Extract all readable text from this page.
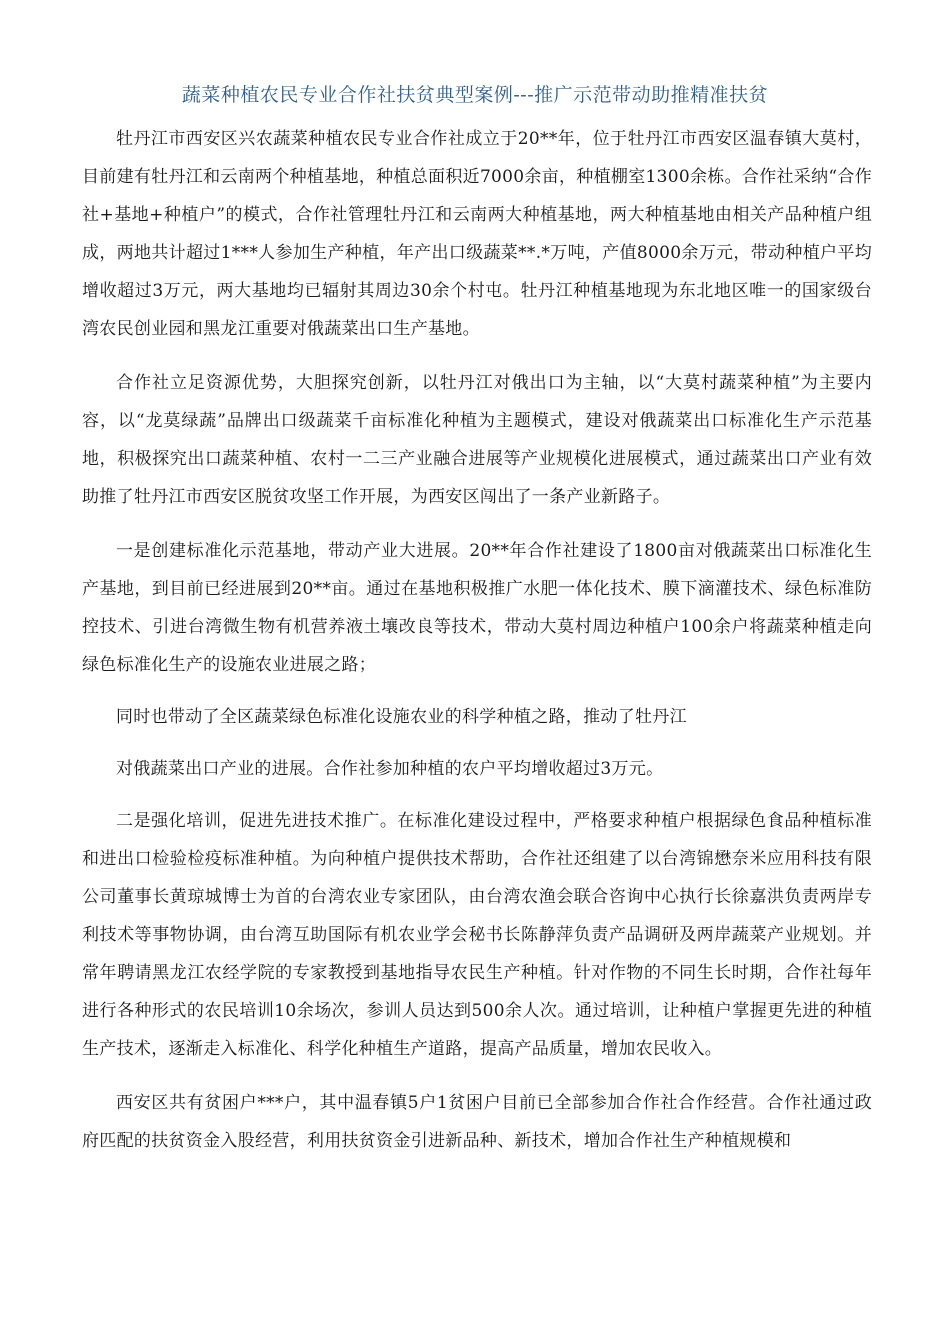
蔬菜种植农民专业合作社扶贫典型案例---推广示范带动助推精准扶贫

牡丹江市西安区兴农蔬菜种植农民专业合作社成立于20**年，位于牡丹江市西安区温春镇大莫村，目前建有牡丹江和云南两个种植基地，种植总面积近7000余亩，种植棚室1300余栋。合作社采纳“合作社+基地+种植户”的模式，合作社管理牡丹江和云南两大种植基地，两大种植基地由相关产品种植户组成，两地共计超过1***人参加生产种植，年产出口级蔬菜**.*万吨，产值8000余万元，带动种植户平均增收超过3万元，两大基地均已辐射其周边30余个村屯。牡丹江种植基地现为东北地区唯一的国家级台湾农民创业园和黑龙江重要对俄蔬菜出口生产基地。

合作社立足资源优势，大胆探究创新，以牡丹江对俄出口为主轴，以“大莫村蔬菜种植”为主要内容，以“龙莫绿蔬”品牌出口级蔬菜千亩标准化种植为主题模式，建设对俄蔬菜出口标准化生产示范基地，积极探究出口蔬菜种植、农村一二三产业融合进展等产业规模化进展模式，通过蔬菜出口产业有效助推了牡丹江市西安区脱贫攻坚工作开展，为西安区闯出了一条产业新路子。

一是创建标准化示范基地，带动产业大进展。20**年合作社建设了1800亩对俄蔬菜出口标准化生产基地，到目前已经进展到20**亩。通过在基地积极推广水肥一体化技术、膜下滴灌技术、绿色标准防控技术、引进台湾微生物有机营养液土壤改良等技术，带动大莫村周边种植户100余户将蔬菜种植走向绿色标准化生产的设施农业进展之路；

同时也带动了全区蔬菜绿色标准化设施农业的科学种植之路，推动了牡丹江

对俄蔬菜出口产业的进展。合作社参加种植的农户平均增收超过3万元。

二是强化培训，促进先进技术推广。在标准化建设过程中，严格要求种植户根据绿色食品种植标准和进出口检验检疫标准种植。为向种植户提供技术帮助，合作社还组建了以台湾锦懋奈米应用科技有限公司董事长黄琼城博士为首的台湾农业专家团队，由台湾农渔会联合咨询中心执行长徐嘉洪负责两岸专利技术等事物协调，由台湾互助国际有机农业学会秘书长陈静萍负责产品调研及两岸蔬菜产业规划。并常年聘请黑龙江农经学院的专家教授到基地指导农民生产种植。针对作物的不同生长时期，合作社每年进行各种形式的农民培训10余场次，参训人员达到500余人次。通过培训，让种植户掌握更先进的种植生产技术，逐渐走入标准化、科学化种植生产道路，提高产品质量，增加农民收入。

西安区共有贫困户***户，其中温春镇5户1贫困户目前已全部参加合作社合作经营。合作社通过政府匹配的扶贫资金入股经营，利用扶贫资金引进新品种、新技术，增加合作社生产种植规模和
